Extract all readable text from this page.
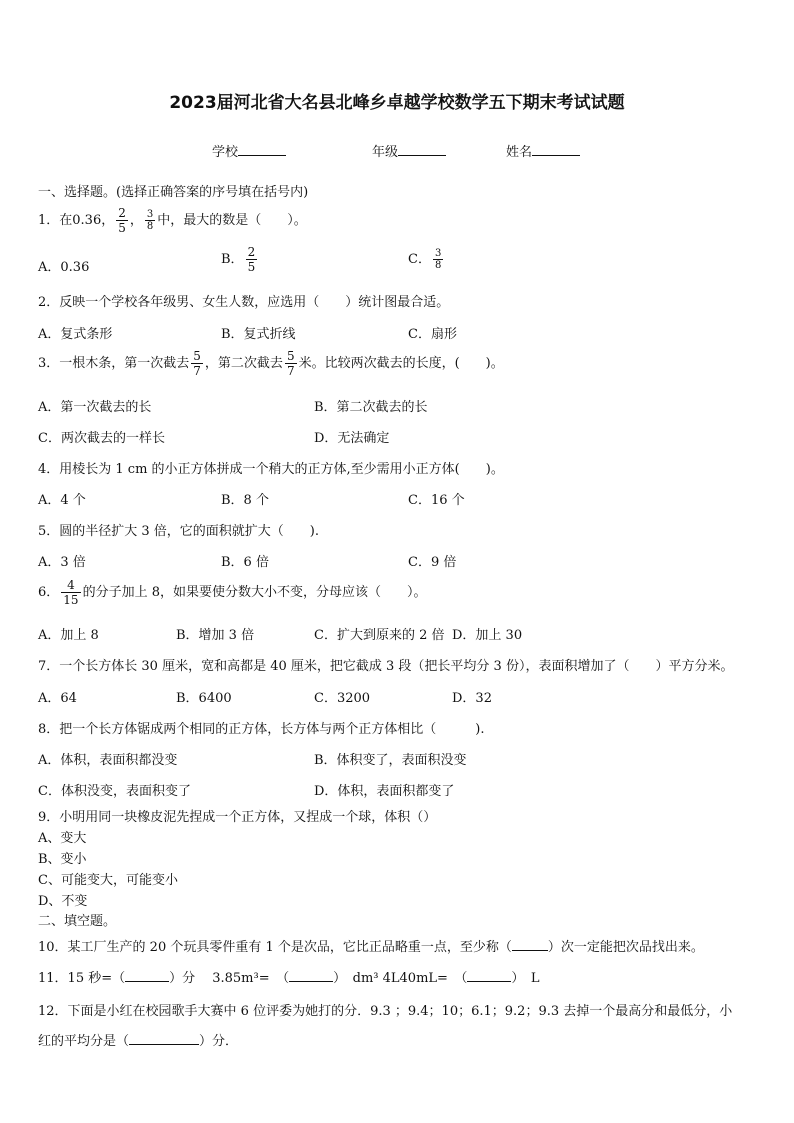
2023届河北省大名县北峰乡卓越学校数学五下期末考试试题
学校	年级	姓名
一、选择题。(选择正确答案的序号填在括号内)
1．在0.36， $\frac{2}{5}$ ， $\frac{3}{8}$ 中，最大的数是（　　）。
A．0.36
B． $\frac{2}{5}$	C． $\frac{3}{8}$
2．反映一个学校各年级男、女生人数，应选用（　　）统计图最合适。
A．复式条形	B．复式折线	C．扇形
3．一根木条，第一次截去 $\frac{5}{7}$ ，第二次截去 $\frac{5}{7}$ 米。比较两次截去的长度，(　　)。
A．第一次截去的长	B．第二次截去的长
C．两次截去的一样长	D．无法确定
4．用棱长为 1 cm 的小正方体拼成一个稍大的正方体,至少需用小正方体(　　)。
A．4 个	B．8 个	C．16 个
5．圆的半径扩大 3 倍，它的面积就扩大（　　).
A．3 倍	B．6 倍	C．9 倍
6． $\frac{4}{15}$ 的分子加上 8，如果要使分数大小不变，分母应该（　　）。
A．加上 8	B．增加 3 倍	C．扩大到原来的 2 倍 D．加上 30
7．一个长方体长 30 厘米，宽和高都是 40 厘米，把它截成 3 段（把长平均分 3 份），表面积增加了（　　）平方分米。
A．64	B．6400	C．3200	D．32
8．把一个长方体锯成两个相同的正方体，长方体与两个正方体相比（　　　).
A．体积，表面积都没变	B．体积变了，表面积没变
C．体积没变，表面积变了	D．体积，表面积都变了
9．小明用同一块橡皮泥先捏成一个正方体，又捏成一个球，体积（）
A、变大
B、变小
C、可能变大，可能变小
D、不变
二、填空题。
10．某工厂生产的 20 个玩具零件重有 1 个是次品，它比正品略重一点，至少称（	）次一定能把次品找出来。
11．15 秒=（	）分　 3.85m³=　（	）　dm³ 4L40mL=　（	）　L
12．下面是小红在校园歌手大赛中 6 位评委为她打的分．9.3 ；9.4；10；6.1；9.2；9.3 去掉一个最高分和最低分，小
红的平均分是（	）分．
